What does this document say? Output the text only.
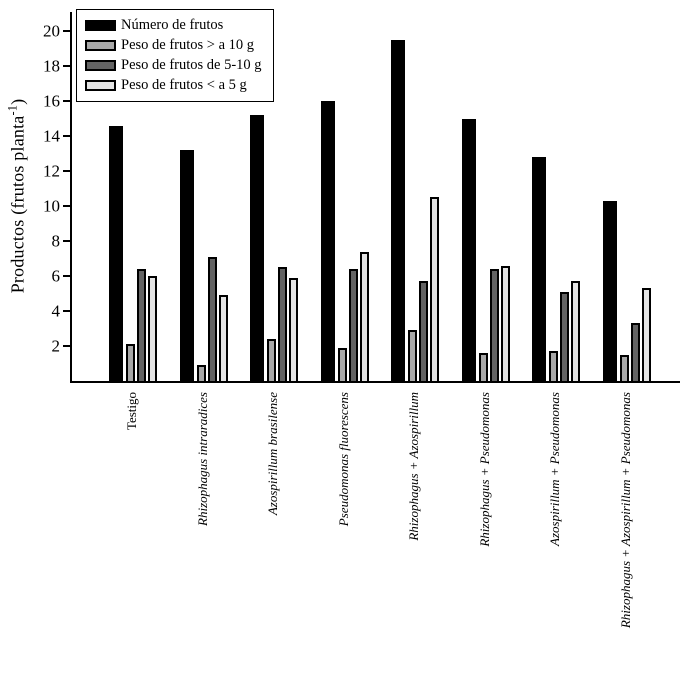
Productos (frutos planta$^{-1}$)
Número de frutos
Peso de frutos > a 10 g
Peso de frutos de 5-10 g
Peso de frutos < a 5 g
2
4
6
8
10
12
14
16
18
20
Testigo	Rhizophagus intraradices	Azospirillum brasilense	Pseudomonas fluorescens	Rhizophagus + Azospirillum	Rhizophagus + Pseudomonas	Azospirillum + Pseudomonas	Rhizophagus + Azospirillum + Pseudomonas
